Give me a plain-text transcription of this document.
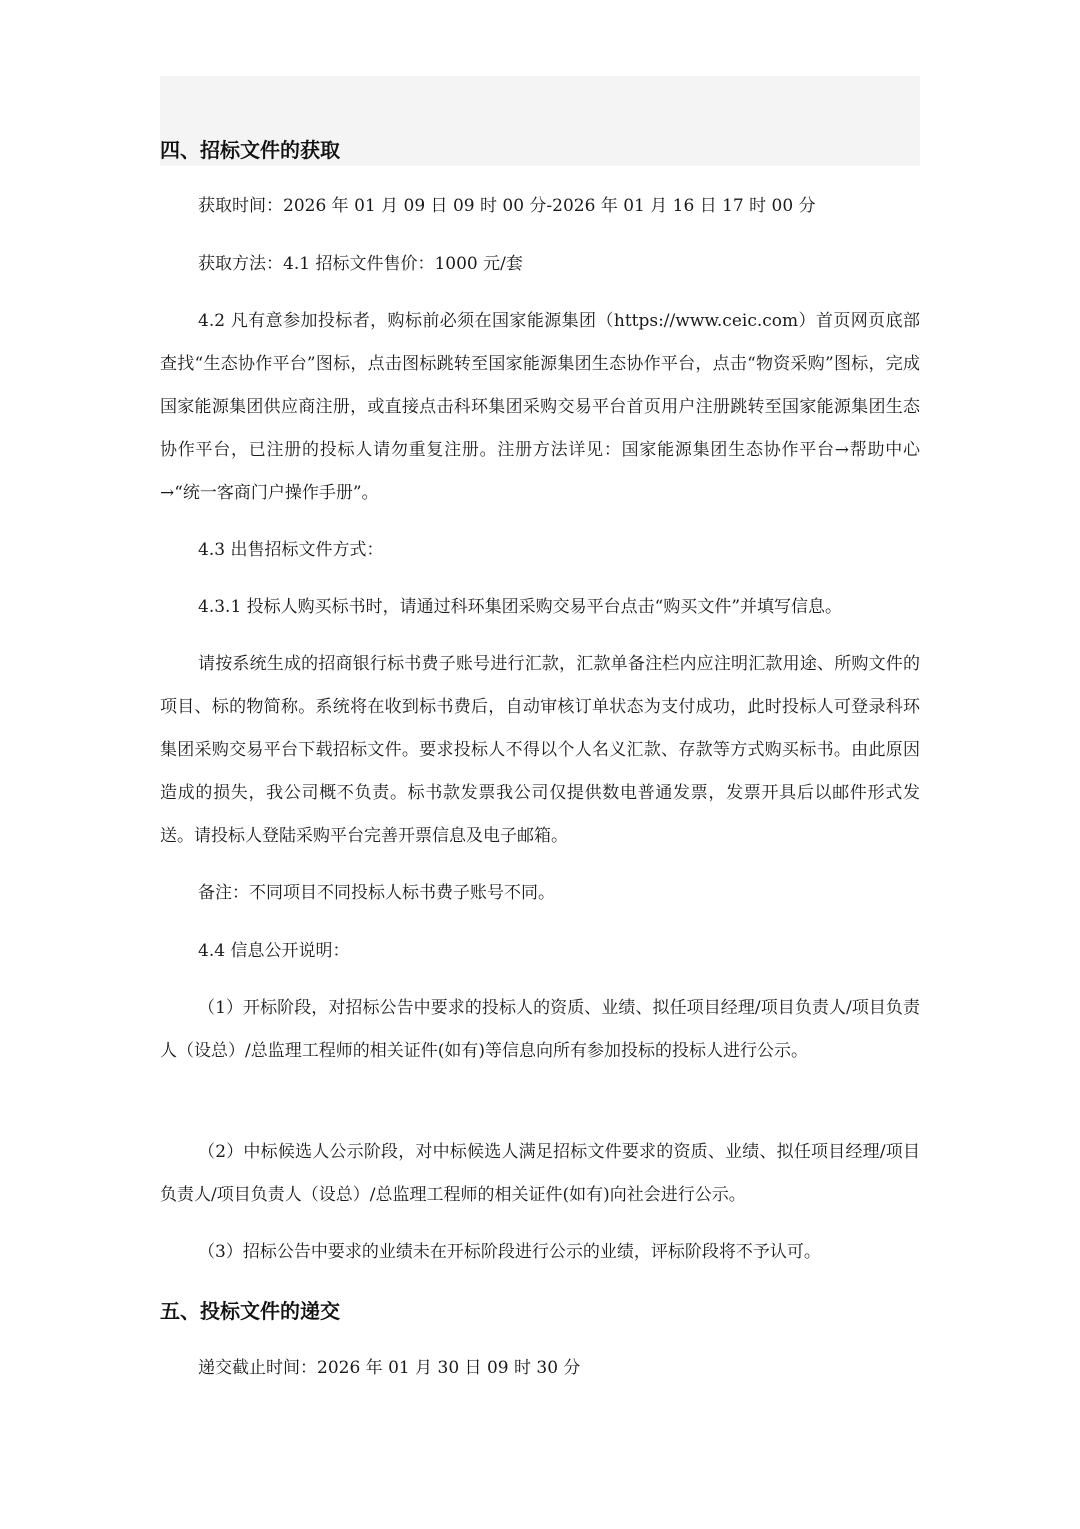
四、招标文件的获取

获取时间：2026 年 01 月 09 日 09 时 00 分-2026 年 01 月 16 日 17 时 00 分

获取方法：4.1 招标文件售价：1000 元/套

4.2 凡有意参加投标者，购标前必须在国家能源集团（https://www.ceic.com）首页网页底部查找“生态协作平台”图标，点击图标跳转至国家能源集团生态协作平台，点击“物资采购”图标，完成国家能源集团供应商注册，或直接点击科环集团采购交易平台首页用户注册跳转至国家能源集团生态协作平台，已注册的投标人请勿重复注册。注册方法详见：国家能源集团生态协作平台→帮助中心→“统一客商门户操作手册”。

4.3 出售招标文件方式：

4.3.1 投标人购买标书时，请通过科环集团采购交易平台点击“购买文件”并填写信息。

请按系统生成的招商银行标书费子账号进行汇款，汇款单备注栏内应注明汇款用途、所购文件的项目、标的物简称。系统将在收到标书费后，自动审核订单状态为支付成功，此时投标人可登录科环集团采购交易平台下载招标文件。要求投标人不得以个人名义汇款、存款等方式购买标书。由此原因造成的损失，我公司概不负责。标书款发票我公司仅提供数电普通发票，发票开具后以邮件形式发送。请投标人登陆采购平台完善开票信息及电子邮箱。

备注：不同项目不同投标人标书费子账号不同。

4.4 信息公开说明：

（1）开标阶段，对招标公告中要求的投标人的资质、业绩、拟任项目经理/项目负责人/项目负责人（设总）/总监理工程师的相关证件(如有)等信息向所有参加投标的投标人进行公示。

（2）中标候选人公示阶段，对中标候选人满足招标文件要求的资质、业绩、拟任项目经理/项目负责人/项目负责人（设总）/总监理工程师的相关证件(如有)向社会进行公示。

（3）招标公告中要求的业绩未在开标阶段进行公示的业绩，评标阶段将不予认可。

五、投标文件的递交

递交截止时间：2026 年 01 月 30 日 09 时 30 分
